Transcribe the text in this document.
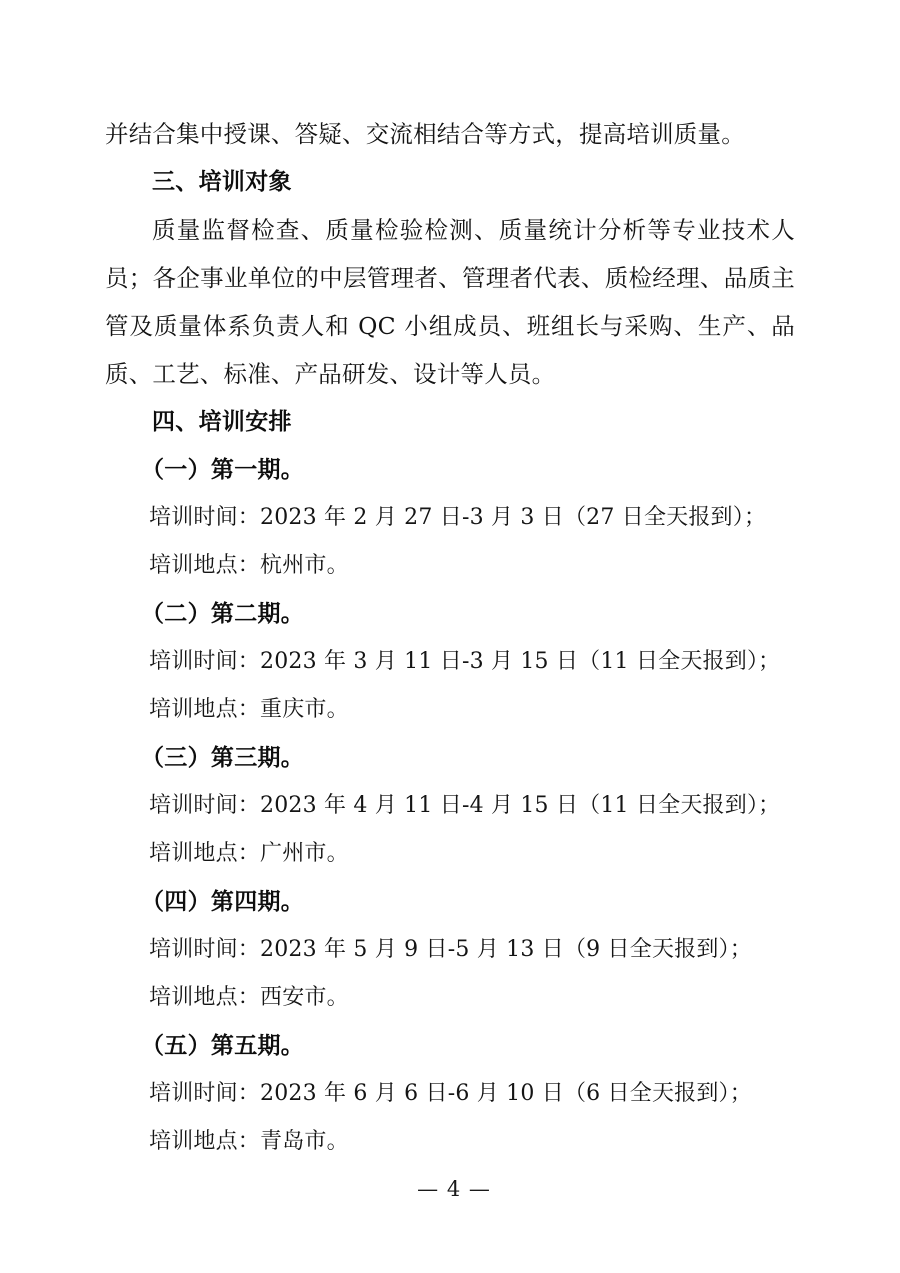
并结合集中授课、答疑、交流相结合等方式，提高培训质量。

三、培训对象

质量监督检查、质量检验检测、质量统计分析等专业技术人员；各企事业单位的中层管理者、管理者代表、质检经理、品质主管及质量体系负责人和 QC 小组成员、班组长与采购、生产、品质、工艺、标准、产品研发、设计等人员。

四、培训安排
（一）第一期。

培训时间：2023 年 2 月 27 日-3 月 3 日（27 日全天报到）；

培训地点：杭州市。

（二）第二期。

培训时间：2023 年 3 月 11 日-3 月 15 日（11 日全天报到）；

培训地点：重庆市。

（三）第三期。

培训时间：2023 年 4 月 11 日-4 月 15 日（11 日全天报到）；

培训地点：广州市。

（四）第四期。

培训时间：2023 年 5 月 9 日-5 月 13 日（9 日全天报到）；

培训地点：西安市。

（五）第五期。

培训时间：2023 年 6 月 6 日-6 月 10 日（6 日全天报到）；

培训地点：青岛市。

— 4 —
